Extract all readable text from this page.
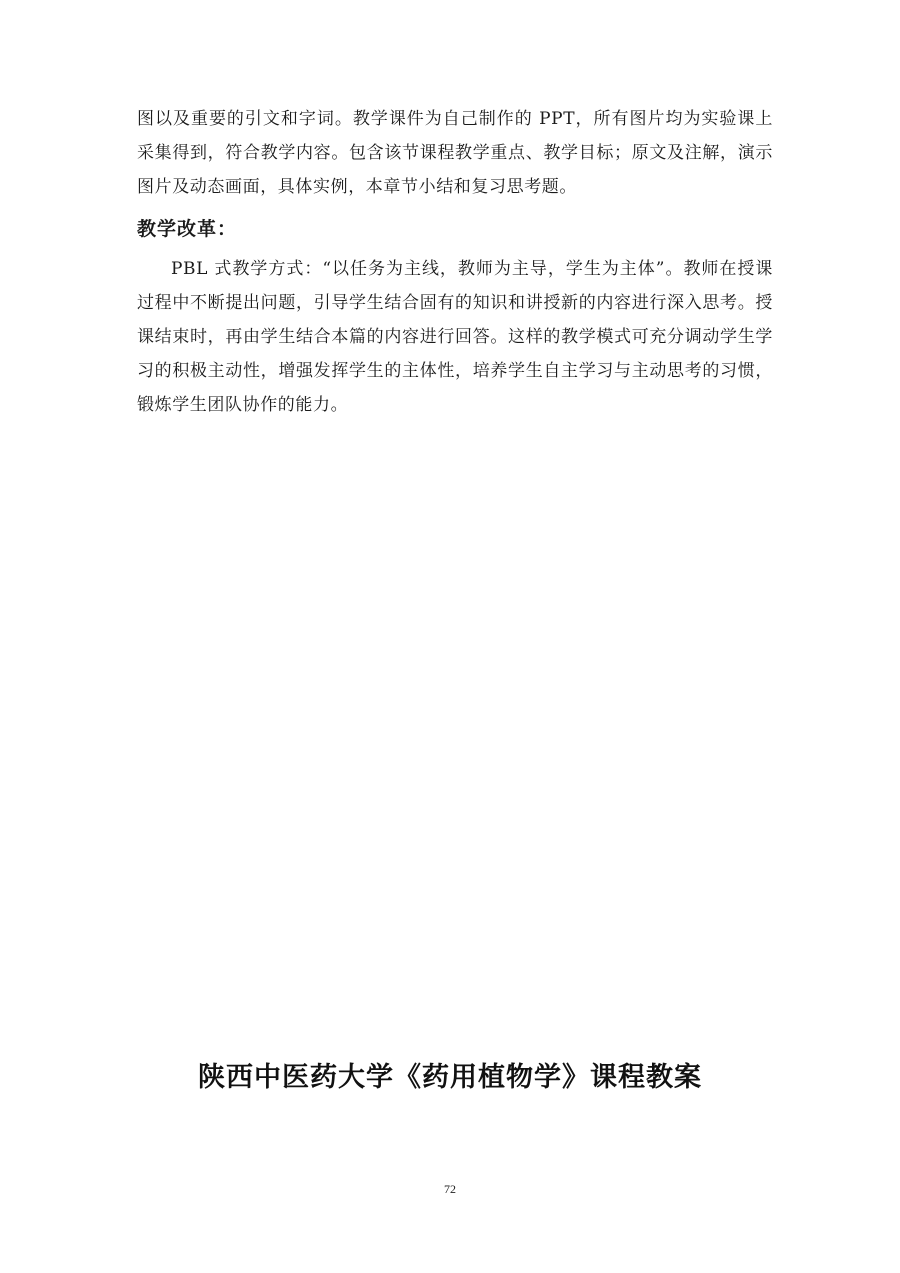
图以及重要的引文和字词。教学课件为自己制作的 PPT，所有图片均为实验课上采集得到，符合教学内容。包含该节课程教学重点、教学目标；原文及注解，演示图片及动态画面，具体实例，本章节小结和复习思考题。

教学改革：

PBL 式教学方式：“以任务为主线，教师为主导，学生为主体”。教师在授课过程中不断提出问题，引导学生结合固有的知识和讲授新的内容进行深入思考。授课结束时，再由学生结合本篇的内容进行回答。这样的教学模式可充分调动学生学习的积极主动性，增强发挥学生的主体性，培养学生自主学习与主动思考的习惯，锻炼学生团队协作的能力。

陕西中医药大学《药用植物学》课程教案
72
